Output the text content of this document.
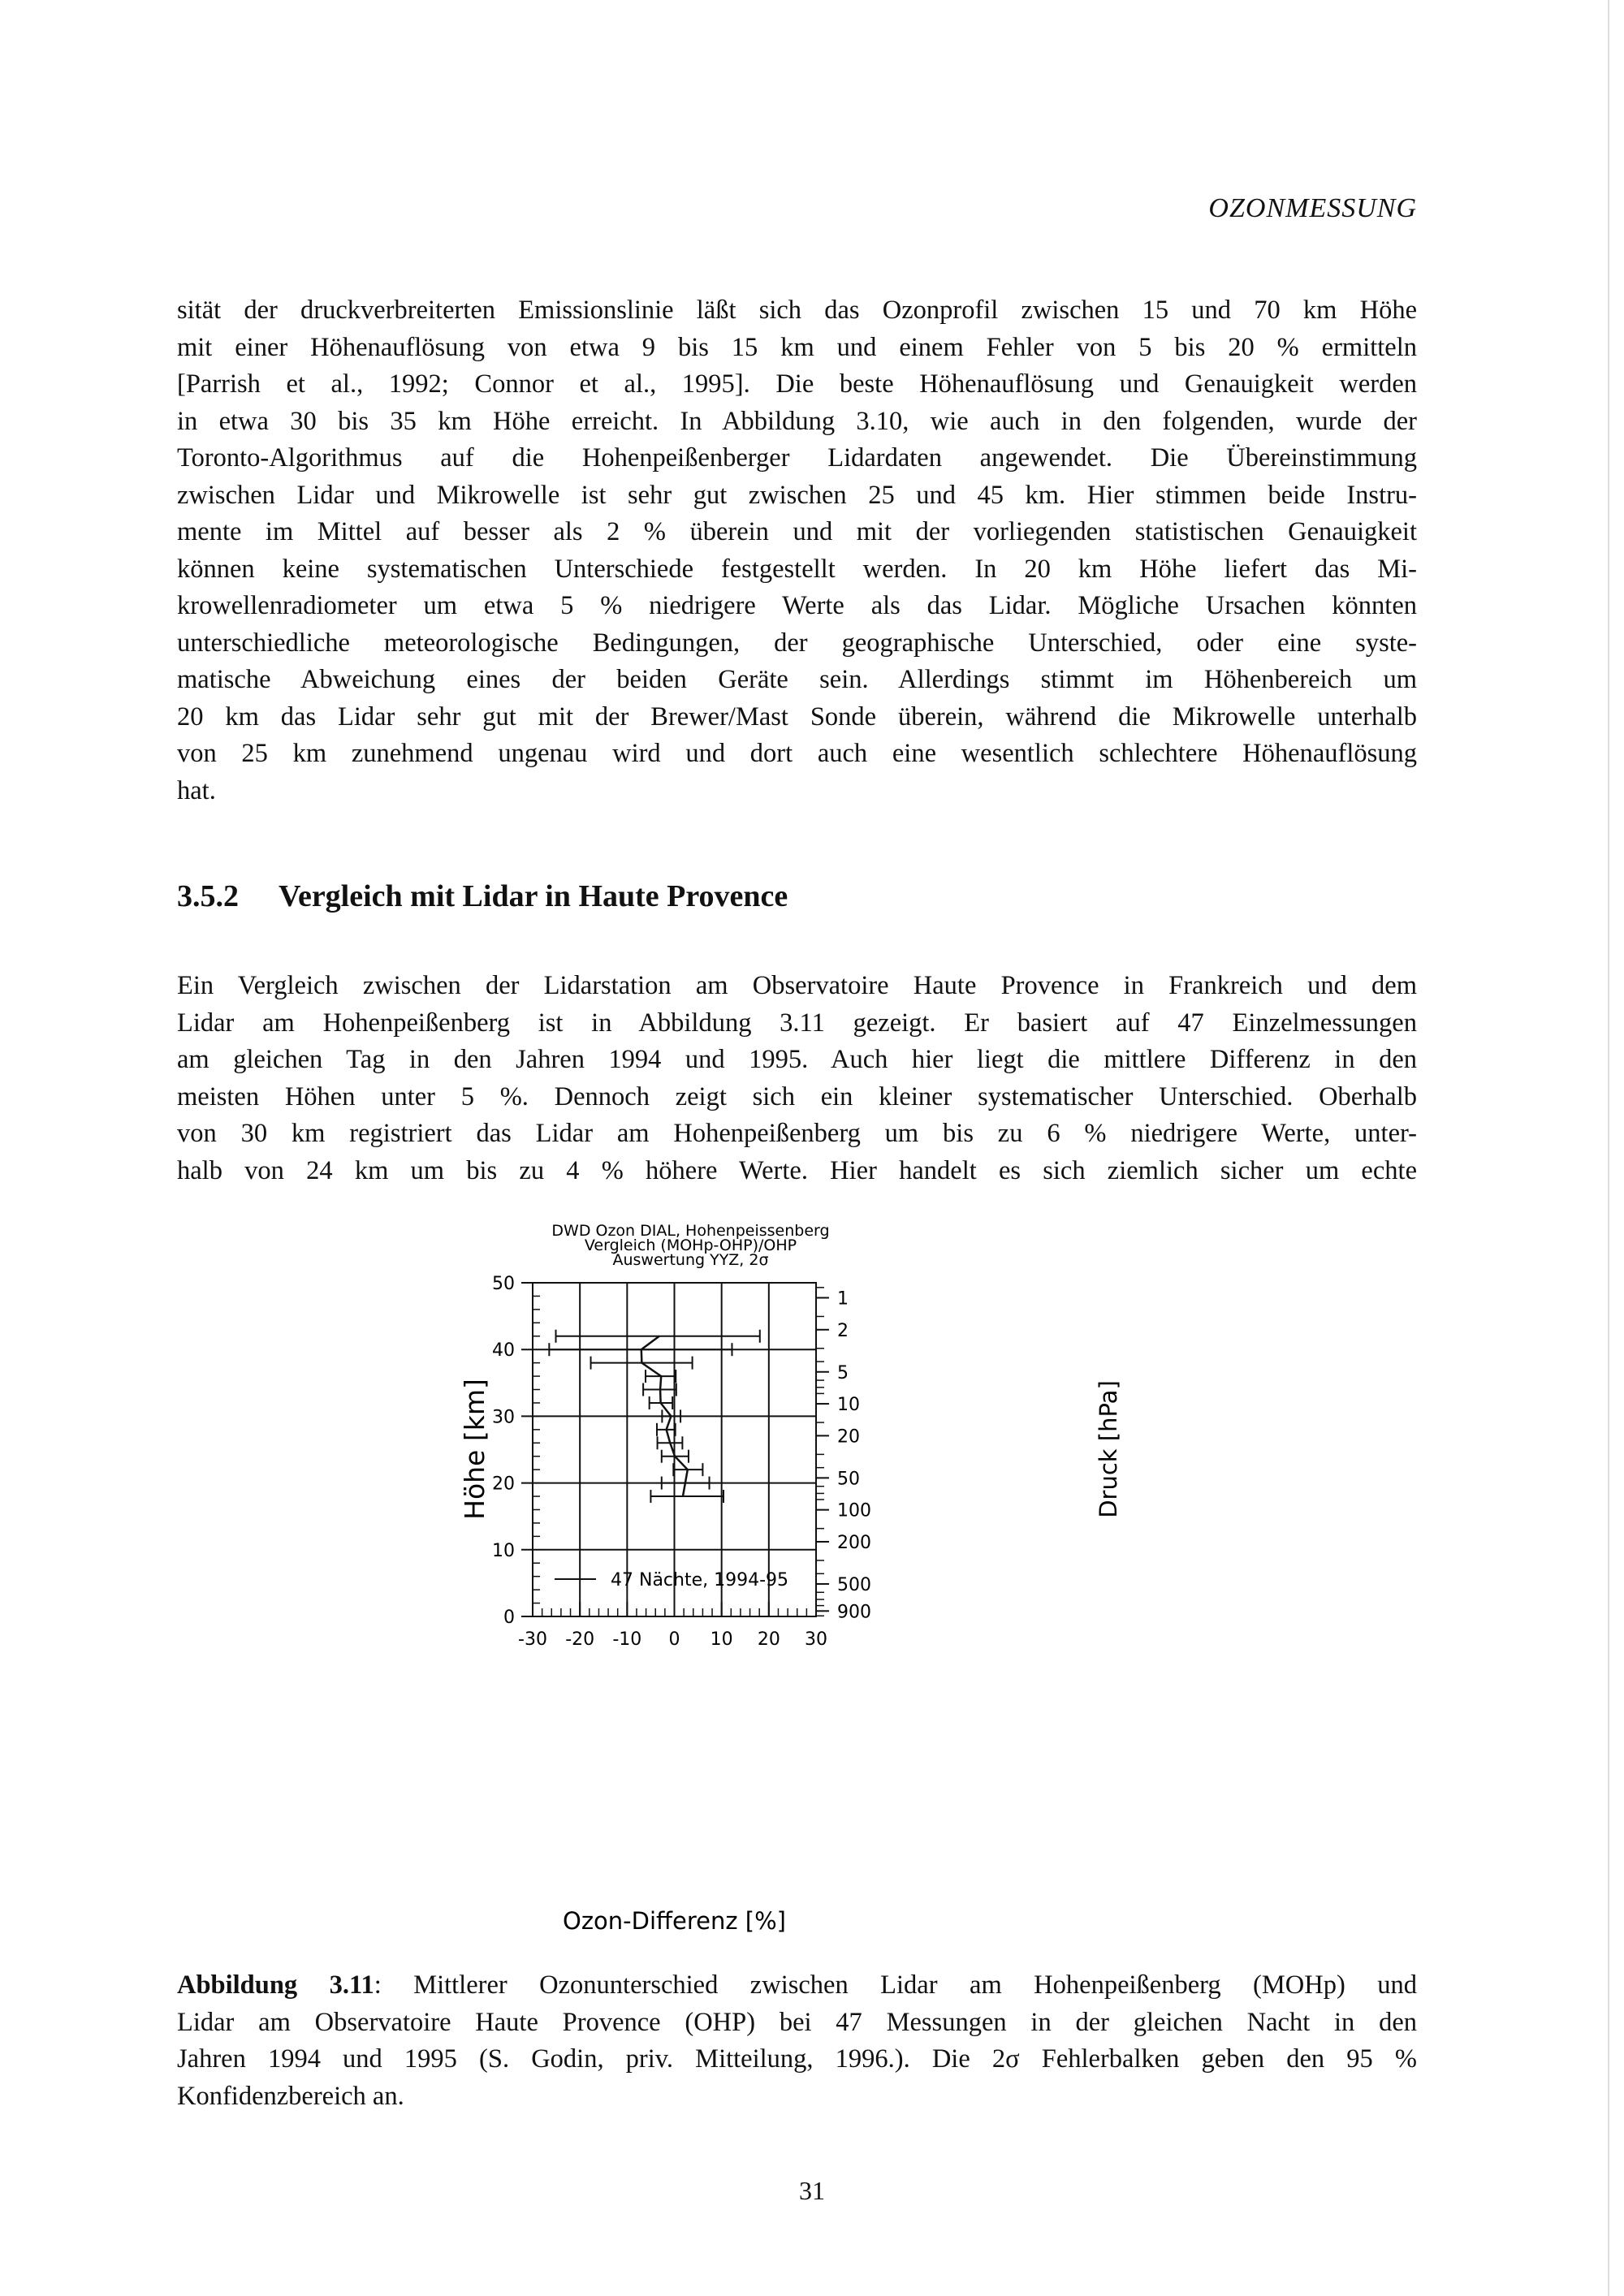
OZONMESSUNG
sität der druckverbreiterten Emissionslinie läßt sich das Ozonprofil zwischen 15 und 70 km Höhe
mit einer Höhenauflösung von etwa 9 bis 15 km und einem Fehler von 5 bis 20 % ermitteln
[Parrish et al., 1992; Connor et al., 1995]. Die beste Höhenauflösung und Genauigkeit werden
in etwa 30 bis 35 km Höhe erreicht. In Abbildung 3.10, wie auch in den folgenden, wurde der
Toronto-Algorithmus auf die Hohenpeißenberger Lidardaten angewendet. Die Übereinstimmung
zwischen Lidar und Mikrowelle ist sehr gut zwischen 25 und 45 km. Hier stimmen beide Instru-
mente im Mittel auf besser als 2 % überein und mit der vorliegenden statistischen Genauigkeit
können keine systematischen Unterschiede festgestellt werden. In 20 km Höhe liefert das Mi-
krowellenradiometer um etwa 5 % niedrigere Werte als das Lidar. Mögliche Ursachen könnten
unterschiedliche meteorologische Bedingungen, der geographische Unterschied, oder eine syste-
matische Abweichung eines der beiden Geräte sein. Allerdings stimmt im Höhenbereich um
20 km das Lidar sehr gut mit der Brewer/Mast Sonde überein, während die Mikrowelle unterhalb
von 25 km zunehmend ungenau wird und dort auch eine wesentlich schlechtere Höhenauflösung
hat.
3.5.2 Vergleich mit Lidar in Haute Provence
Ein Vergleich zwischen der Lidarstation am Observatoire Haute Provence in Frankreich und dem
Lidar am Hohenpeißenberg ist in Abbildung 3.11 gezeigt. Er basiert auf 47 Einzelmessungen
am gleichen Tag in den Jahren 1994 und 1995. Auch hier liegt die mittlere Differenz in den
meisten Höhen unter 5 %. Dennoch zeigt sich ein kleiner systematischer Unterschied. Oberhalb
von 30 km registriert das Lidar am Hohenpeißenberg um bis zu 6 % niedrigere Werte, unter-
halb von 24 km um bis zu 4 % höhere Werte. Hier handelt es sich ziemlich sicher um echte
DWD Ozon DIAL, Hohenpeissenberg
Vergleich (MOHp-OHP)/OHP
Auswertung YYZ, 2σ
-30 -20 -10 0 10 20 30
0
10
20
30
40
50
1
2
5
10
20
50
100
200
500
900
Ozon-Differenz [%]
Höhe [km]	Druck [hPa]
47 Nächte, 1994-95
Abbildung 3.11: Mittlerer Ozonunterschied zwischen Lidar am Hohenpeißenberg (MOHp) und
Lidar am Observatoire Haute Provence (OHP) bei 47 Messungen in der gleichen Nacht in den
Jahren 1994 und 1995 (S. Godin, priv. Mitteilung, 1996.). Die 2σ Fehlerbalken geben den 95 %
Konfidenzbereich an.
31
